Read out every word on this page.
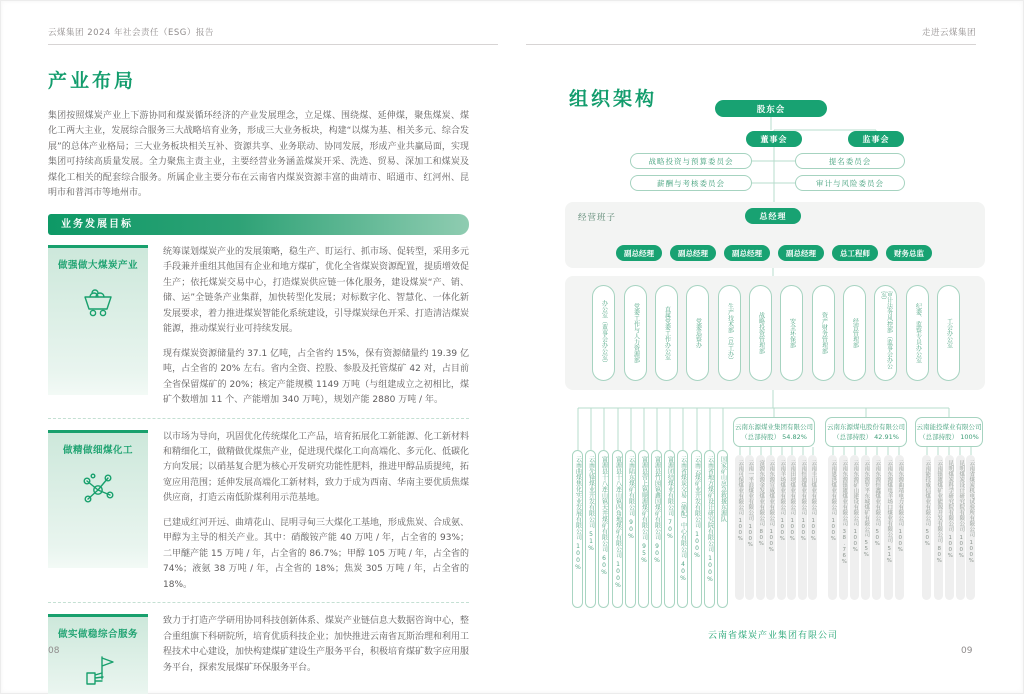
云煤集团 2024 年社会责任（ESG）报告	走进云煤集团
产业布局

集团按照煤炭产业上下游协同和煤炭循环经济的产业发展理念，立足煤、围绕煤、延伸煤，聚焦煤炭、煤化工两大主业，发展综合服务三大战略培育业务，形成三大业务板块，构建“以煤为基、相关多元、综合发展”的总体产业格局；三大业务板块相关互补、资源共享、业务联动、协同发展，形成产业共赢局面，实现集团可持续高质量发展。全力聚焦主责主业，主要经营业务涵盖煤炭开采、洗选、贸易、深加工和煤炭及煤化工相关的配套综合服务。所属企业主要分布在云南省内煤炭资源丰富的曲靖市、昭通市、红河州、昆明市和普洱市等地州市。

业务发展目标
做强做大煤炭产业

统筹谋划煤炭产业的发展策略，稳生产、盯运行、抓市场、促转型，采用多元手段兼并重组其他国有企业和地方煤矿，优化全省煤炭资源配置，提质增效促生产；依托煤炭交易中心，打造煤炭供应链一体化服务，建设煤炭“产、销、储、运”全链条产业集群，加快转型化发展；对标数字化、智慧化、一体化新发展要求，着力推进煤炭智能化系统建设，引导煤炭绿色开采、打造清洁煤炭能源，推动煤炭行业可持续发展。

现有煤炭资源储量约 37.1 亿吨，占全省约 15%，保有资源储量约 19.39 亿吨，占全省的 20% 左右。省内全资、控股、参股及托管煤矿 42 对，占目前全省保留煤矿的 20%；核定产能规模 1149 万吨（与组建成立之初相比，煤矿个数增加 11 个、产能增加 340 万吨），规划产能 2880 万吨 / 年。

做精做细煤化工

以市场为导向，巩固优化传统煤化工产品，培育拓展化工新能源、化工新材料和精细化工，做精做优煤焦产业，促进现代煤化工向高端化、多元化、低碳化方向发展；以硝基复合肥为核心开发研究功能性肥料，推进甲醇品质提纯，拓宽应用范围；延伸发展高端化工新材料，致力于成为西南、华南主要优质焦煤供应商，打造云南低阶煤利用示范基地。

已建成红河开远、曲靖花山、昆明寻甸三大煤化工基地，形成焦炭、合成氨、甲醇为主导的相关产业。其中：硝酸铵产能 40 万吨 / 年，占全省的 93%；二甲醚产能 15 万吨 / 年，占全省的 86.7%；甲醇 105 万吨 / 年，占全省的 74%；液氨 38 万吨 / 年，占全省的 18%；焦炭 305 万吨 / 年，占全省的 18%。

做实做稳综合服务

致力于打造产学研用协同科技创新体系、煤炭产业链信息大数据咨询中心，整合重组旗下科研院所，培育优质科技企业；加快推进云南省瓦斯治理和利用工程技术中心建设，加快构建煤矿建设生产服务平台，积极培育煤矿数字应用服务平台，探索发展煤矿环保服务平台。

组织架构	股东会
董事会	监事会
战略投资与预算委员会	提名委员会
薪酬与考核委员会	审计与风险委员会
经营班子	总经理
副总经理	副总经理	副总经理	副总经理	总工程师	财务总监
办公室（董事会办公室）	党委工作与人力资源部	直属党委工作办公室	党委巡察办	生产技术部（总工办）	战略投资管理部	安全环保部	资产财务管理部	经营管理部	审计法务风控部（监事会办公室）
纪委、监察专员办公室	工会办公室
云南曲煤焦化实业发展有限公司
100%
云南先锋煤业开发有限公司
51% 富源县十八连山镇天井煤矿有限公司
60%
富源县十八连山镇四角地煤矿有限公司
100%
云南陆东煤矿有限公司
90% 富源县营上镇顺源煤矿有限公司
95%
富源县竹园镇鑫国煤矿有限公司
90%
富源团结煤业有限公司
70% 云南省煤炭交易（储配）中心有限公司
40%
云南云煤矿业开发有限公司
100% 云南省地方煤矿设计研究院有限公司
100%
国家矿山应急救援东源队
云南东源煤业集团有限公司
（总部持股） 54.82%
云南东源煤电股份有限公司
（总部持股） 42.91%
云南能投煤业有限公司
（总部持股） 100%
云南可保煤业有限公司
100%
云南一平浪煤业有限公司
100%
富源东源金发煤业有限公司
80%
云南东源宣威煤业有限公司
100%
云南羊场煤业有限公司
100%
云南田坝煤业有限公司
100%
云南恒通煤业有限公司
100%
云南圭山煤业有限公司
100%
云南恩洪煤业有限公司
100%
云南东源镇雄煤业有限公司
38.76%
云南东源矿山建设有限公司
100%
云南东源罗平东城煤矿有限公司
55%
云南东源恒鑫煤业有限公司
50% 云南东源煤电羊场口煤业有限公司
51%
云南东源曲靖电力有限公司
100%
云南能投威信煤业有限公司
50% 云南镇雄煤矿业能源开发有限公司
80%
昆明煤炭科学研究院有限公司
100%
昆明煤炭设计研究院有限公司
100%
云南省煤炭机电试验所有限公司
100%
云南省煤炭产业集团有限公司
08	09
